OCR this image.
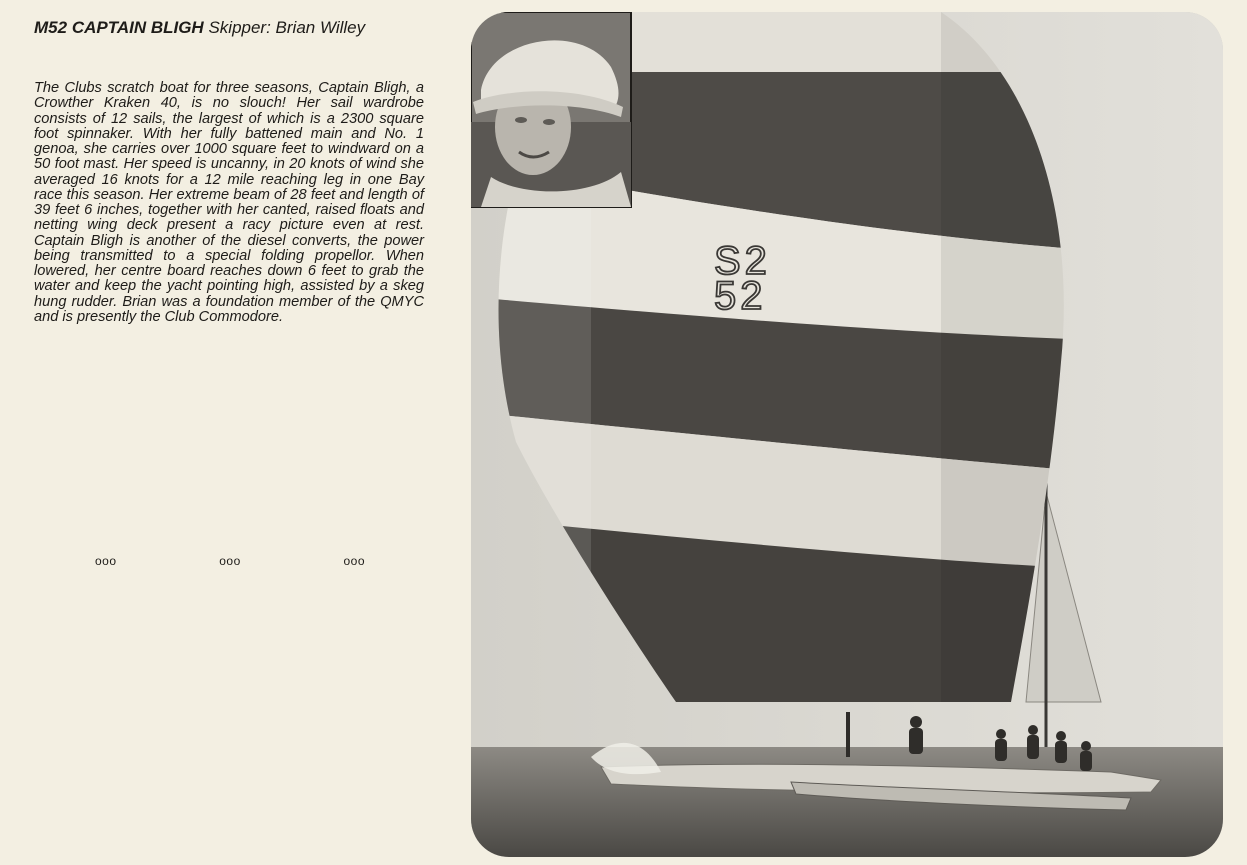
M52 CAPTAIN BLIGH Skipper: Brian Willey
The Clubs scratch boat for three seasons, Captain Bligh, a Crowther Kraken 40, is no slouch! Her sail wardrobe consists of 12 sails, the largest of which is a 2300 square foot spinnaker. With her fully battened main and No. 1 genoa, she carries over 1000 square feet to windward on a 50 foot mast. Her speed is uncanny, in 20 knots of wind she averaged 16 knots for a 12 mile reaching leg in one Bay race this season. Her extreme beam of 28 feet and length of 39 feet 6 inches, together with her canted, raised floats and netting wing deck present a racy picture even at rest. Captain Bligh is another of the diesel converts, the power being transmitted to a special folding propellor. When lowered, her centre board reaches down 6 feet to grab the water and keep the yacht pointing high, assisted by a skeg hung rudder. Brian was a foundation member of the QMYC and is presently the Club Commodore.
ooo	ooo	ooo
S2
52
